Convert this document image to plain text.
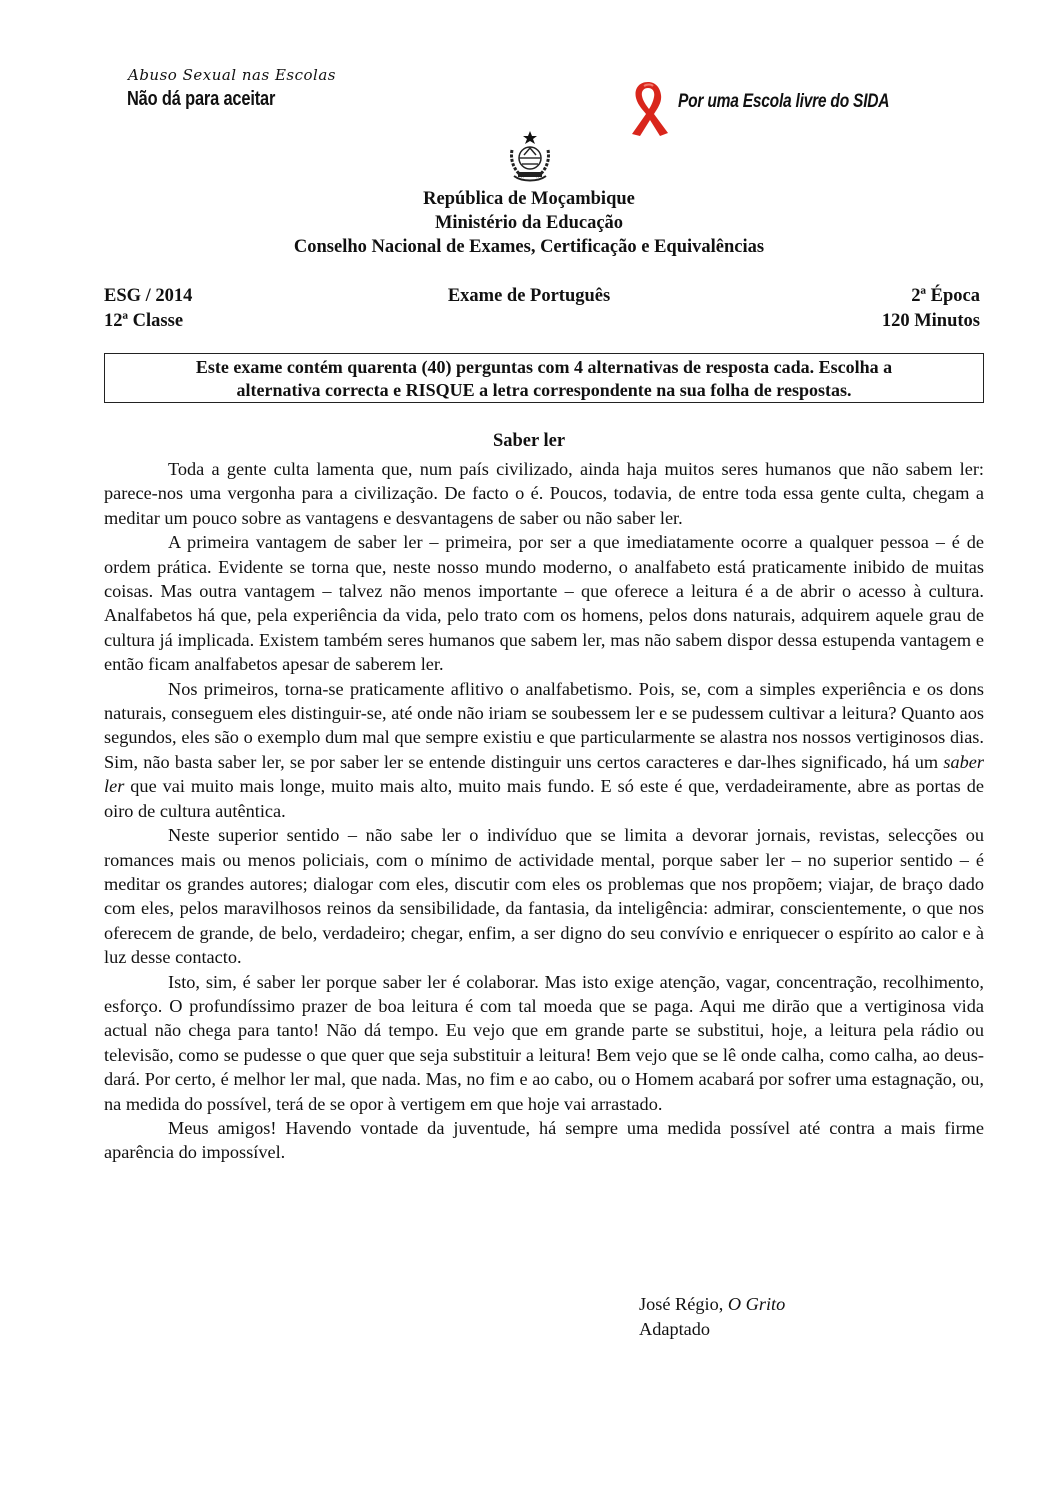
Abuso Sexual nas Escolas
Não dá para aceitar	Por uma Escola livre do SIDA
República de Moçambique
Ministério da Educação
Conselho Nacional de Exames, Certificação e Equivalências
ESG / 2014
12ª Classe
Exame de Português	2ª Época
120 Minutos
Este exame contém quarenta (40) perguntas com 4 alternativas de resposta cada. Escolha a
alternativa correcta e RISQUE a letra correspondente na sua folha de respostas.
Saber ler

Toda a gente culta lamenta que, num país civilizado, ainda haja muitos seres humanos que não sabem ler: parece-nos uma vergonha para a civilização. De facto o é. Poucos, todavia, de entre toda essa gente culta, chegam a meditar um pouco sobre as vantagens e desvantagens de saber ou não saber ler.

A primeira vantagem de saber ler – primeira, por ser a que imediatamente ocorre a qualquer pessoa – é de ordem prática. Evidente se torna que, neste nosso mundo moderno, o analfabeto está praticamente inibido de muitas coisas. Mas outra vantagem – talvez não menos importante – que oferece a leitura é a de abrir o acesso à cultura. Analfabetos há que, pela experiência da vida, pelo trato com os homens, pelos dons naturais, adquirem aquele grau de cultura já implicada. Existem também seres humanos que sabem ler, mas não sabem dispor dessa estupenda vantagem e então ficam analfabetos apesar de saberem ler.

Nos primeiros, torna-se praticamente aflitivo o analfabetismo. Pois, se, com a simples experiência e os dons naturais, conseguem eles distinguir-se, até onde não iriam se soubessem ler e se pudessem cultivar a leitura? Quanto aos segundos, eles são o exemplo dum mal que sempre existiu e que particularmente se alastra nos nossos vertiginosos dias. Sim, não basta saber ler, se por saber ler se entende distinguir uns certos caracteres e dar-lhes significado, há um saber ler que vai muito mais longe, muito mais alto, muito mais fundo. E só este é que, verdadeiramente, abre as portas de oiro de cultura autêntica.

Neste superior sentido – não sabe ler o indivíduo que se limita a devorar jornais, revistas, selecções ou romances mais ou menos policiais, com o mínimo de actividade mental, porque saber ler – no superior sentido – é meditar os grandes autores; dialogar com eles, discutir com eles os problemas que nos propõem; viajar, de braço dado com eles, pelos maravilhosos reinos da sensibilidade, da fantasia, da inteligência: admirar, conscientemente, o que nos oferecem de grande, de belo, verdadeiro; chegar, enfim, a ser digno do seu convívio e enriquecer o espírito ao calor e à luz desse contacto.

Isto, sim, é saber ler porque saber ler é colaborar. Mas isto exige atenção, vagar, concentração, recolhimento, esforço. O profundíssimo prazer de boa leitura é com tal moeda que se paga. Aqui me dirão que a vertiginosa vida actual não chega para tanto! Não dá tempo. Eu vejo que em grande parte se substitui, hoje, a leitura pela rádio ou televisão, como se pudesse o que quer que seja substituir a leitura! Bem vejo que se lê onde calha, como calha, ao deus-dará. Por certo, é melhor ler mal, que nada. Mas, no fim e ao cabo, ou o Homem acabará por sofrer uma estagnação, ou, na medida do possível, terá de se opor à vertigem em que hoje vai arrastado.

Meus amigos! Havendo vontade da juventude, há sempre uma medida possível até contra a mais firme aparência do impossível.

José Régio, O Grito
Adaptado
